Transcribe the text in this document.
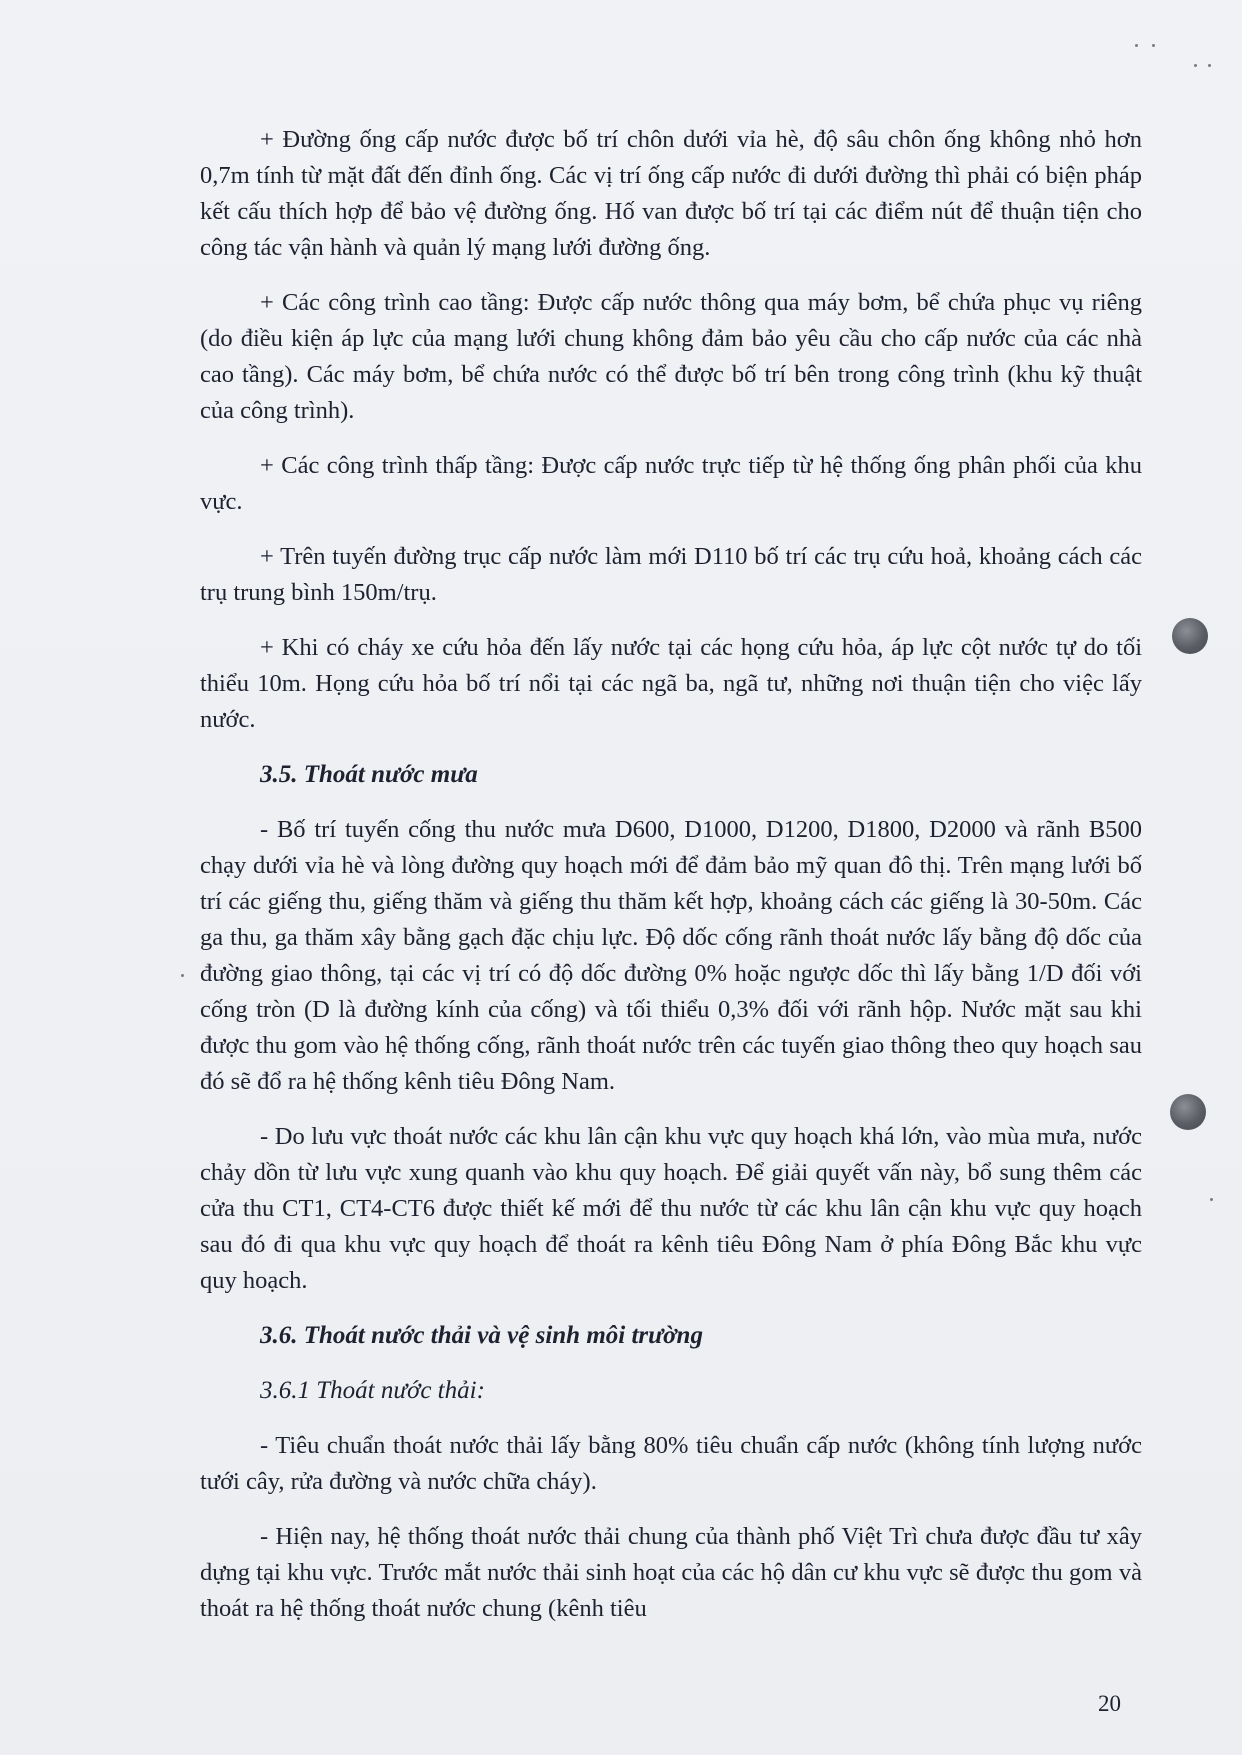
+ Đường ống cấp nước được bố trí chôn dưới vỉa hè, độ sâu chôn ống không nhỏ hơn 0,7m tính từ mặt đất đến đỉnh ống. Các vị trí ống cấp nước đi dưới đường thì phải có biện pháp kết cấu thích hợp để bảo vệ đường ống. Hố van được bố trí tại các điểm nút để thuận tiện cho công tác vận hành và quản lý mạng lưới đường ống.

+ Các công trình cao tầng: Được cấp nước thông qua máy bơm, bể chứa phục vụ riêng (do điều kiện áp lực của mạng lưới chung không đảm bảo yêu cầu cho cấp nước của các nhà cao tầng). Các máy bơm, bể chứa nước có thể được bố trí bên trong công trình (khu kỹ thuật của công trình).

+ Các công trình thấp tầng: Được cấp nước trực tiếp từ hệ thống ống phân phối của khu vực.

+ Trên tuyến đường trục cấp nước làm mới D110 bố trí các trụ cứu hoả, khoảng cách các trụ trung bình 150m/trụ.

+ Khi có cháy xe cứu hỏa đến lấy nước tại các họng cứu hỏa, áp lực cột nước tự do tối thiểu 10m. Họng cứu hỏa bố trí nổi tại các ngã ba, ngã tư, những nơi thuận tiện cho việc lấy nước.

3.5. Thoát nước mưa

- Bố trí tuyến cống thu nước mưa D600, D1000, D1200, D1800, D2000 và rãnh B500 chạy dưới vỉa hè và lòng đường quy hoạch mới để đảm bảo mỹ quan đô thị. Trên mạng lưới bố trí các giếng thu, giếng thăm và giếng thu thăm kết hợp, khoảng cách các giếng là 30-50m. Các ga thu, ga thăm xây bằng gạch đặc chịu lực. Độ dốc cống rãnh thoát nước lấy bằng độ dốc của đường giao thông, tại các vị trí có độ dốc đường 0% hoặc ngược dốc thì lấy bằng 1/D đối với cống tròn (D là đường kính của cống) và tối thiểu 0,3% đối với rãnh hộp. Nước mặt sau khi được thu gom vào hệ thống cống, rãnh thoát nước trên các tuyến giao thông theo quy hoạch sau đó sẽ đổ ra hệ thống kênh tiêu Đông Nam.

- Do lưu vực thoát nước các khu lân cận khu vực quy hoạch khá lớn, vào mùa mưa, nước chảy dồn từ lưu vực xung quanh vào khu quy hoạch. Để giải quyết vấn này, bổ sung thêm các cửa thu CT1, CT4-CT6 được thiết kế mới để thu nước từ các khu lân cận khu vực quy hoạch sau đó đi qua khu vực quy hoạch để thoát ra kênh tiêu Đông Nam ở phía Đông Bắc khu vực quy hoạch.

3.6. Thoát nước thải và vệ sinh môi trường
3.6.1 Thoát nước thải:

- Tiêu chuẩn thoát nước thải lấy bằng 80% tiêu chuẩn cấp nước (không tính lượng nước tưới cây, rửa đường và nước chữa cháy).

- Hiện nay, hệ thống thoát nước thải chung của thành phố Việt Trì chưa được đầu tư xây dựng tại khu vực. Trước mắt nước thải sinh hoạt của các hộ dân cư khu vực sẽ được thu gom và thoát ra hệ thống thoát nước chung (kênh tiêu

20
